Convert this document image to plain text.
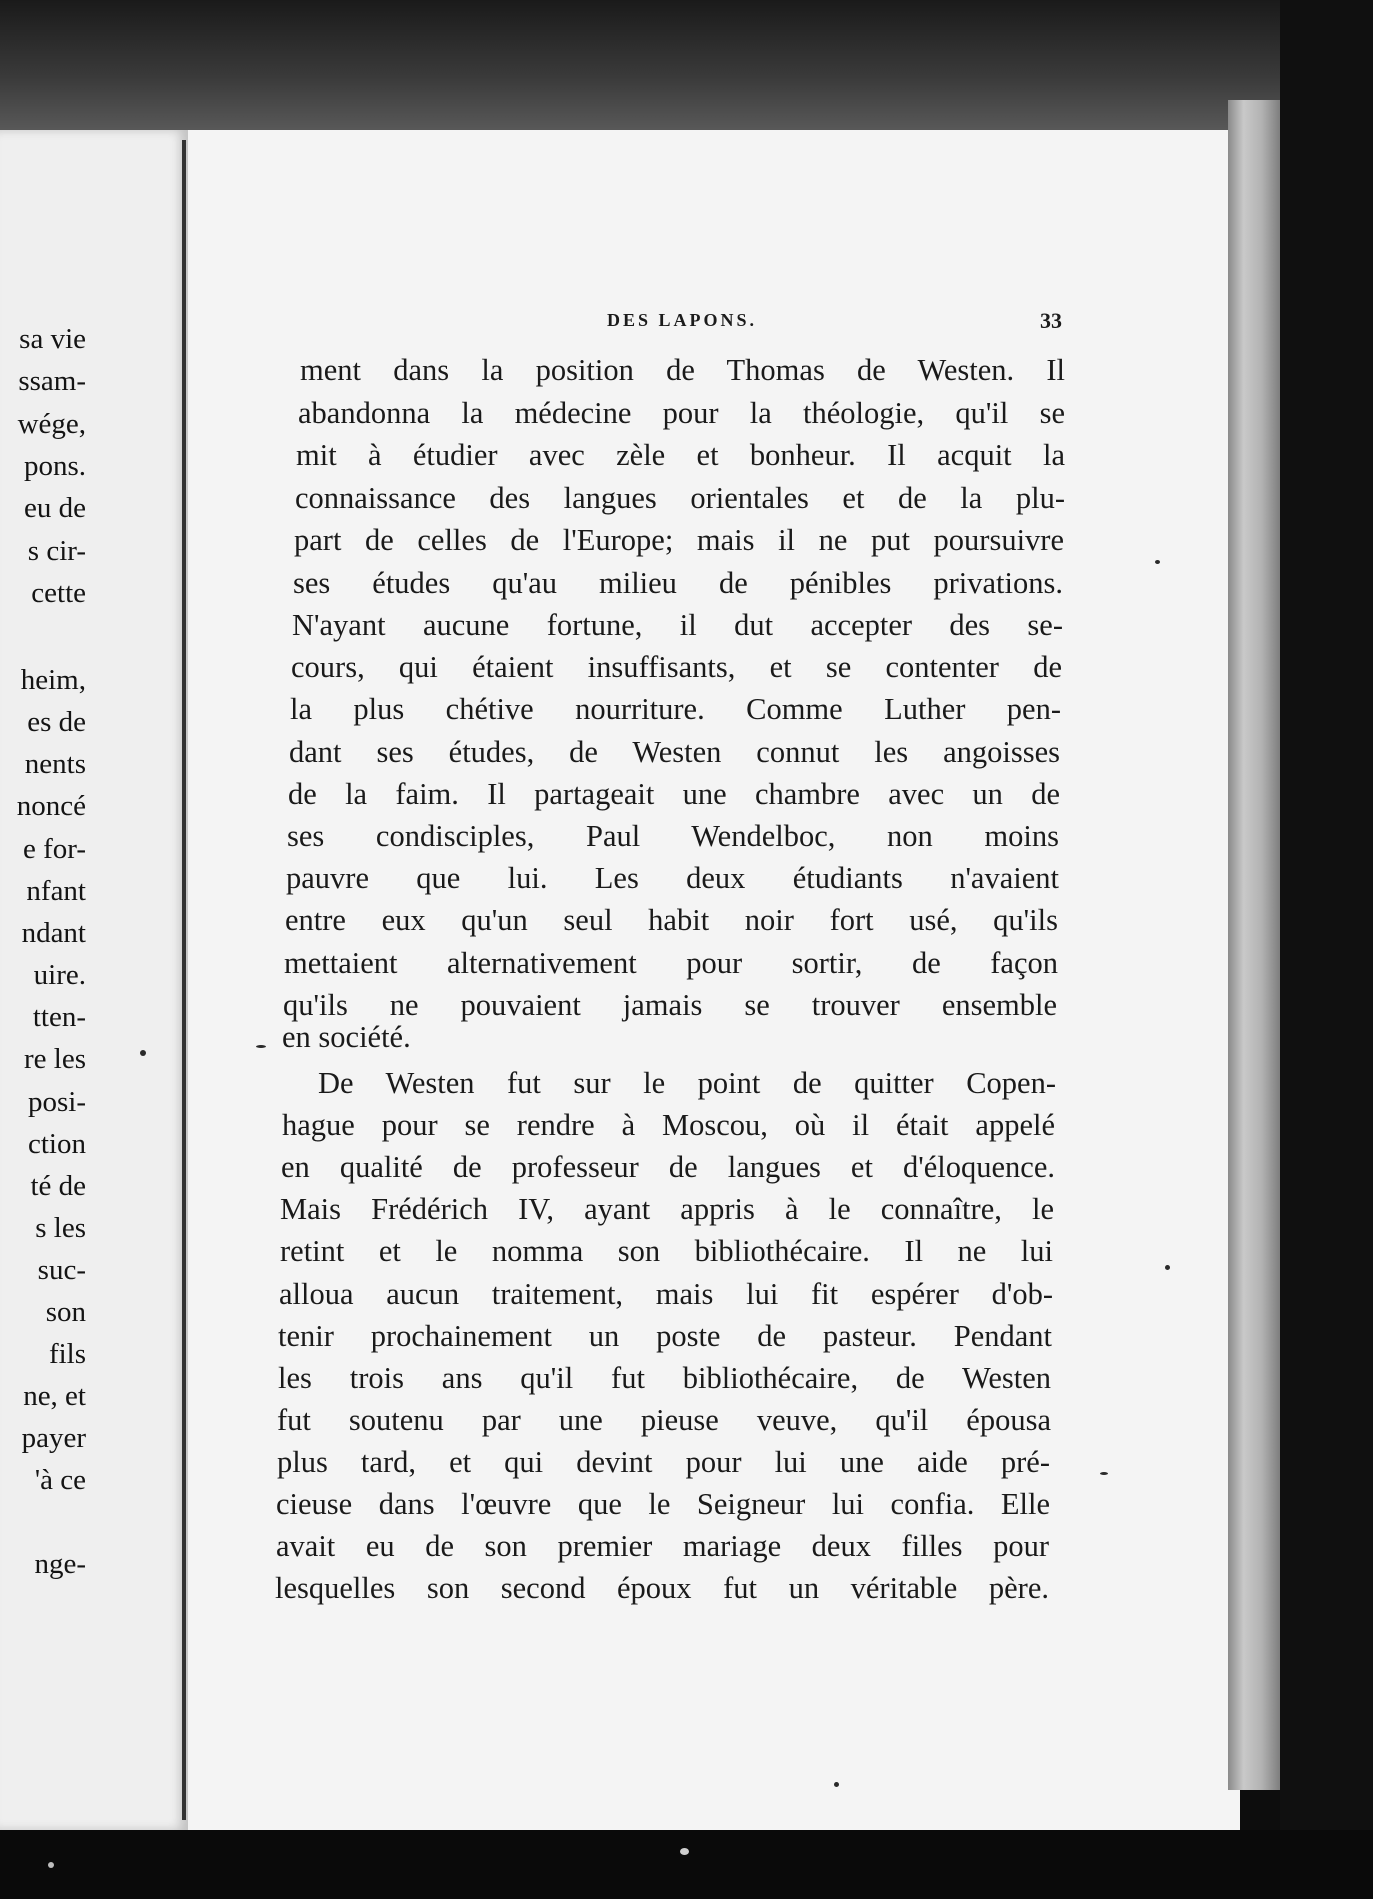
sa vie
ssam-
wége,
pons.
eu de
s cir-
cette
heim,
es de
nents
noncé
e for-
nfant
ndant
uire.
tten-
re les
posi-
ction
té de
s les
suc-
son
fils
ne, et
payer
'à ce
nge-
DES LAPONS.	33
ment dans la position de Thomas de Westen. Il
abandonna la médecine pour la théologie, qu'il se
mit à étudier avec zèle et bonheur. Il acquit la
connaissance des langues orientales et de la plu-
part de celles de l'Europe; mais il ne put poursuivre
ses études qu'au milieu de pénibles privations.
N'ayant aucune fortune, il dut accepter des se-
cours, qui étaient insuffisants, et se contenter de
la plus chétive nourriture. Comme Luther pen-
dant ses études, de Westen connut les angoisses
de la faim. Il partageait une chambre avec un de
ses condisciples, Paul Wendelboc, non moins
pauvre que lui. Les deux étudiants n'avaient
entre eux qu'un seul habit noir fort usé, qu'ils
mettaient alternativement pour sortir, de façon
qu'ils ne pouvaient jamais se trouver ensemble
en société.
De Westen fut sur le point de quitter Copen-
hague pour se rendre à Moscou, où il était appelé
en qualité de professeur de langues et d'éloquence.
Mais Frédérich IV, ayant appris à le connaître, le
retint et le nomma son bibliothécaire. Il ne lui
alloua aucun traitement, mais lui fit espérer d'ob-
tenir prochainement un poste de pasteur. Pendant
les trois ans qu'il fut bibliothécaire, de Westen
fut soutenu par une pieuse veuve, qu'il épousa
plus tard, et qui devint pour lui une aide pré-
cieuse dans l'œuvre que le Seigneur lui confia. Elle
avait eu de son premier mariage deux filles pour
lesquelles son second époux fut un véritable père.
